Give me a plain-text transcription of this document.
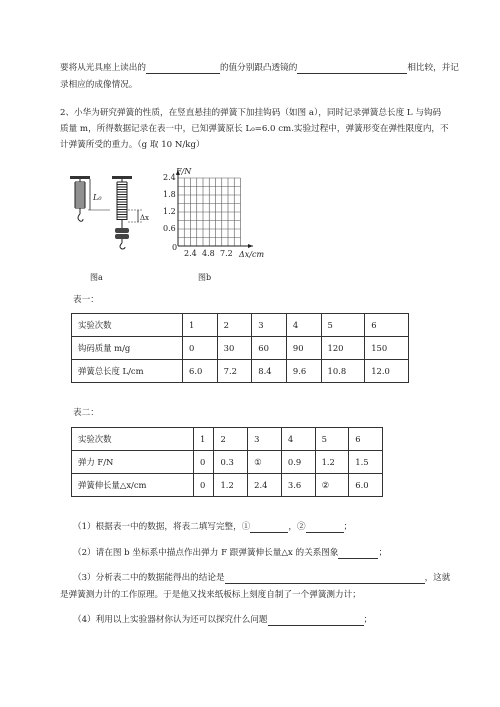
要将从光具座上读出的	的值分别跟凸透镜的	相比较，并记
录相应的成像情况。
2、小华为研究弹簧的性质，在竖直悬挂的弹簧下加挂钩码（如图 a），同时记录弹簧总长度 L 与钩码
质量 m，所得数据记录在表一中，已知弹簧原长 L₀=6.0 cm.实验过程中，弹簧形变在弹性限度内，不
计弹簧所受的重力。（g 取 10 N/kg）
L₀
Δx
图a
F/N
2.4
1.8
1.2
0.6
0
2.4 4.8 7.2 Δx/cm
图b
表一：
实验次数	1	2	3	4	5	6
钩码质量 m/g	0	30	60	90	120	150
弹簧总长度 L/cm	6.0	7.2	8.4	9.6	10.8	12.0
表二：
实验次数	1	2	3	4	5	6
弹力 F/N	0	0.3	①	0.9	1.2	1.5
弹簧伸长量△x/cm	0	1.2	2.4	3.6	②	6.0
（1）根据表一中的数据，将表二填写完整，①	，②	；
（2）请在图 b 坐标系中描点作出弹力 F 跟弹簧伸长量△x 的关系图象	；
（3）分析表二中的数据能得出的结论是	，这就
是弹簧测力计的工作原理。于是他又找来纸板标上刻度自制了一个弹簧测力计；
（4）利用以上实验器材你认为还可以探究什么问题	；
